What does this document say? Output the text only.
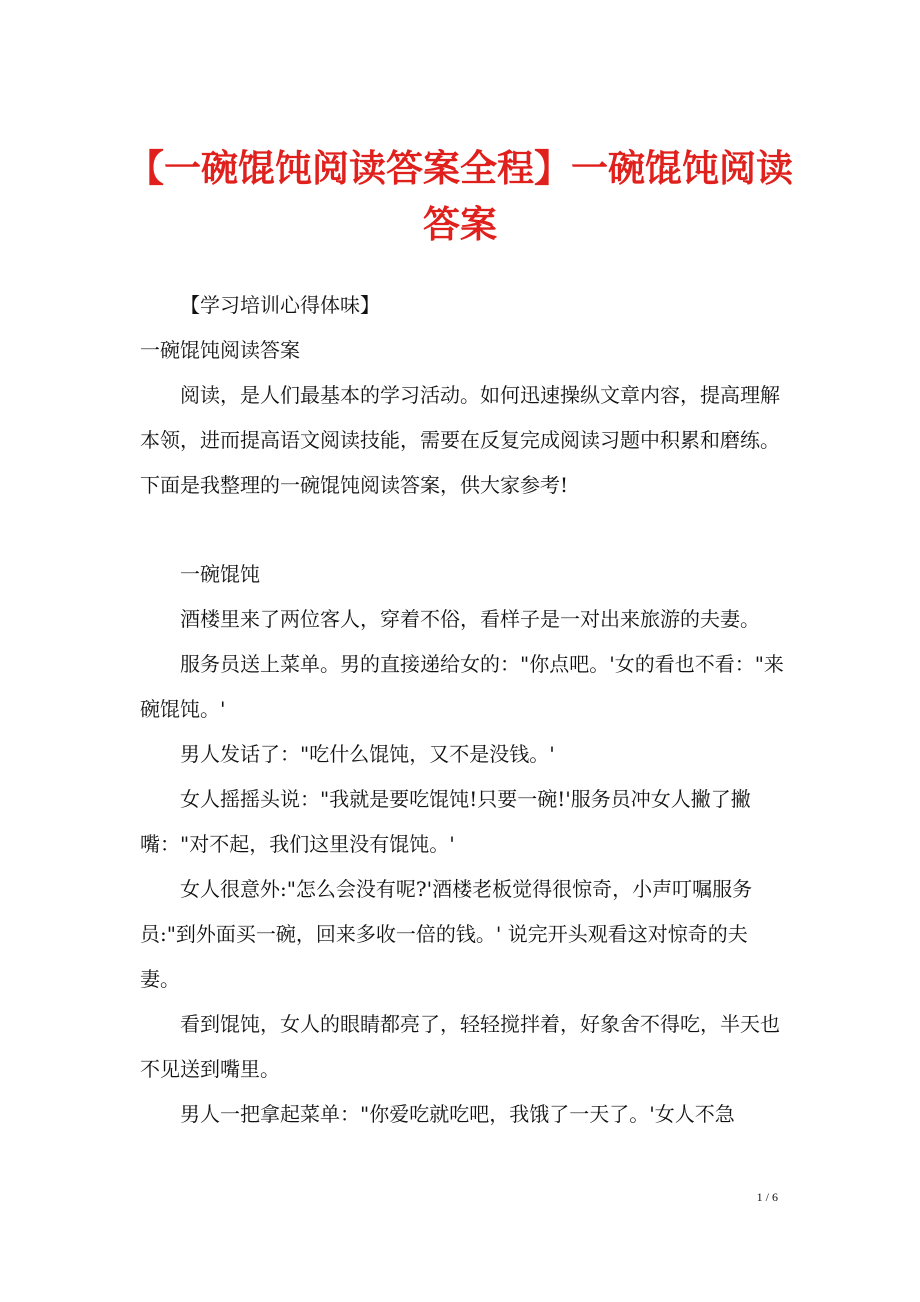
【一碗馄饨阅读答案全程】一碗馄饨阅读答案

【学习培训心得体味】

一碗馄饨阅读答案

阅读，是人们最基本的学习活动。如何迅速操纵文章内容，提高理解本领，进而提高语文阅读技能，需要在反复完成阅读习题中积累和磨练。下面是我整理的一碗馄饨阅读答案，供大家参考!

一碗馄饨

酒楼里来了两位客人，穿着不俗，看样子是一对出来旅游的夫妻。

服务员送上菜单。男的直接递给女的："你点吧。'女的看也不看："来碗馄饨。'

男人发话了："吃什么馄饨，又不是没钱。'

女人摇摇头说："我就是要吃馄饨!只要一碗!'服务员冲女人撇了撇嘴："对不起，我们这里没有馄饨。'

女人很意外:"怎么会没有呢?'酒楼老板觉得很惊奇，小声叮嘱服务员:"到外面买一碗，回来多收一倍的钱。' 说完开头观看这对惊奇的夫妻。

看到馄饨，女人的眼睛都亮了，轻轻搅拌着，好象舍不得吃，半天也不见送到嘴里。

男人一把拿起菜单："你爱吃就吃吧，我饿了一天了。'女人不急

1 / 6
